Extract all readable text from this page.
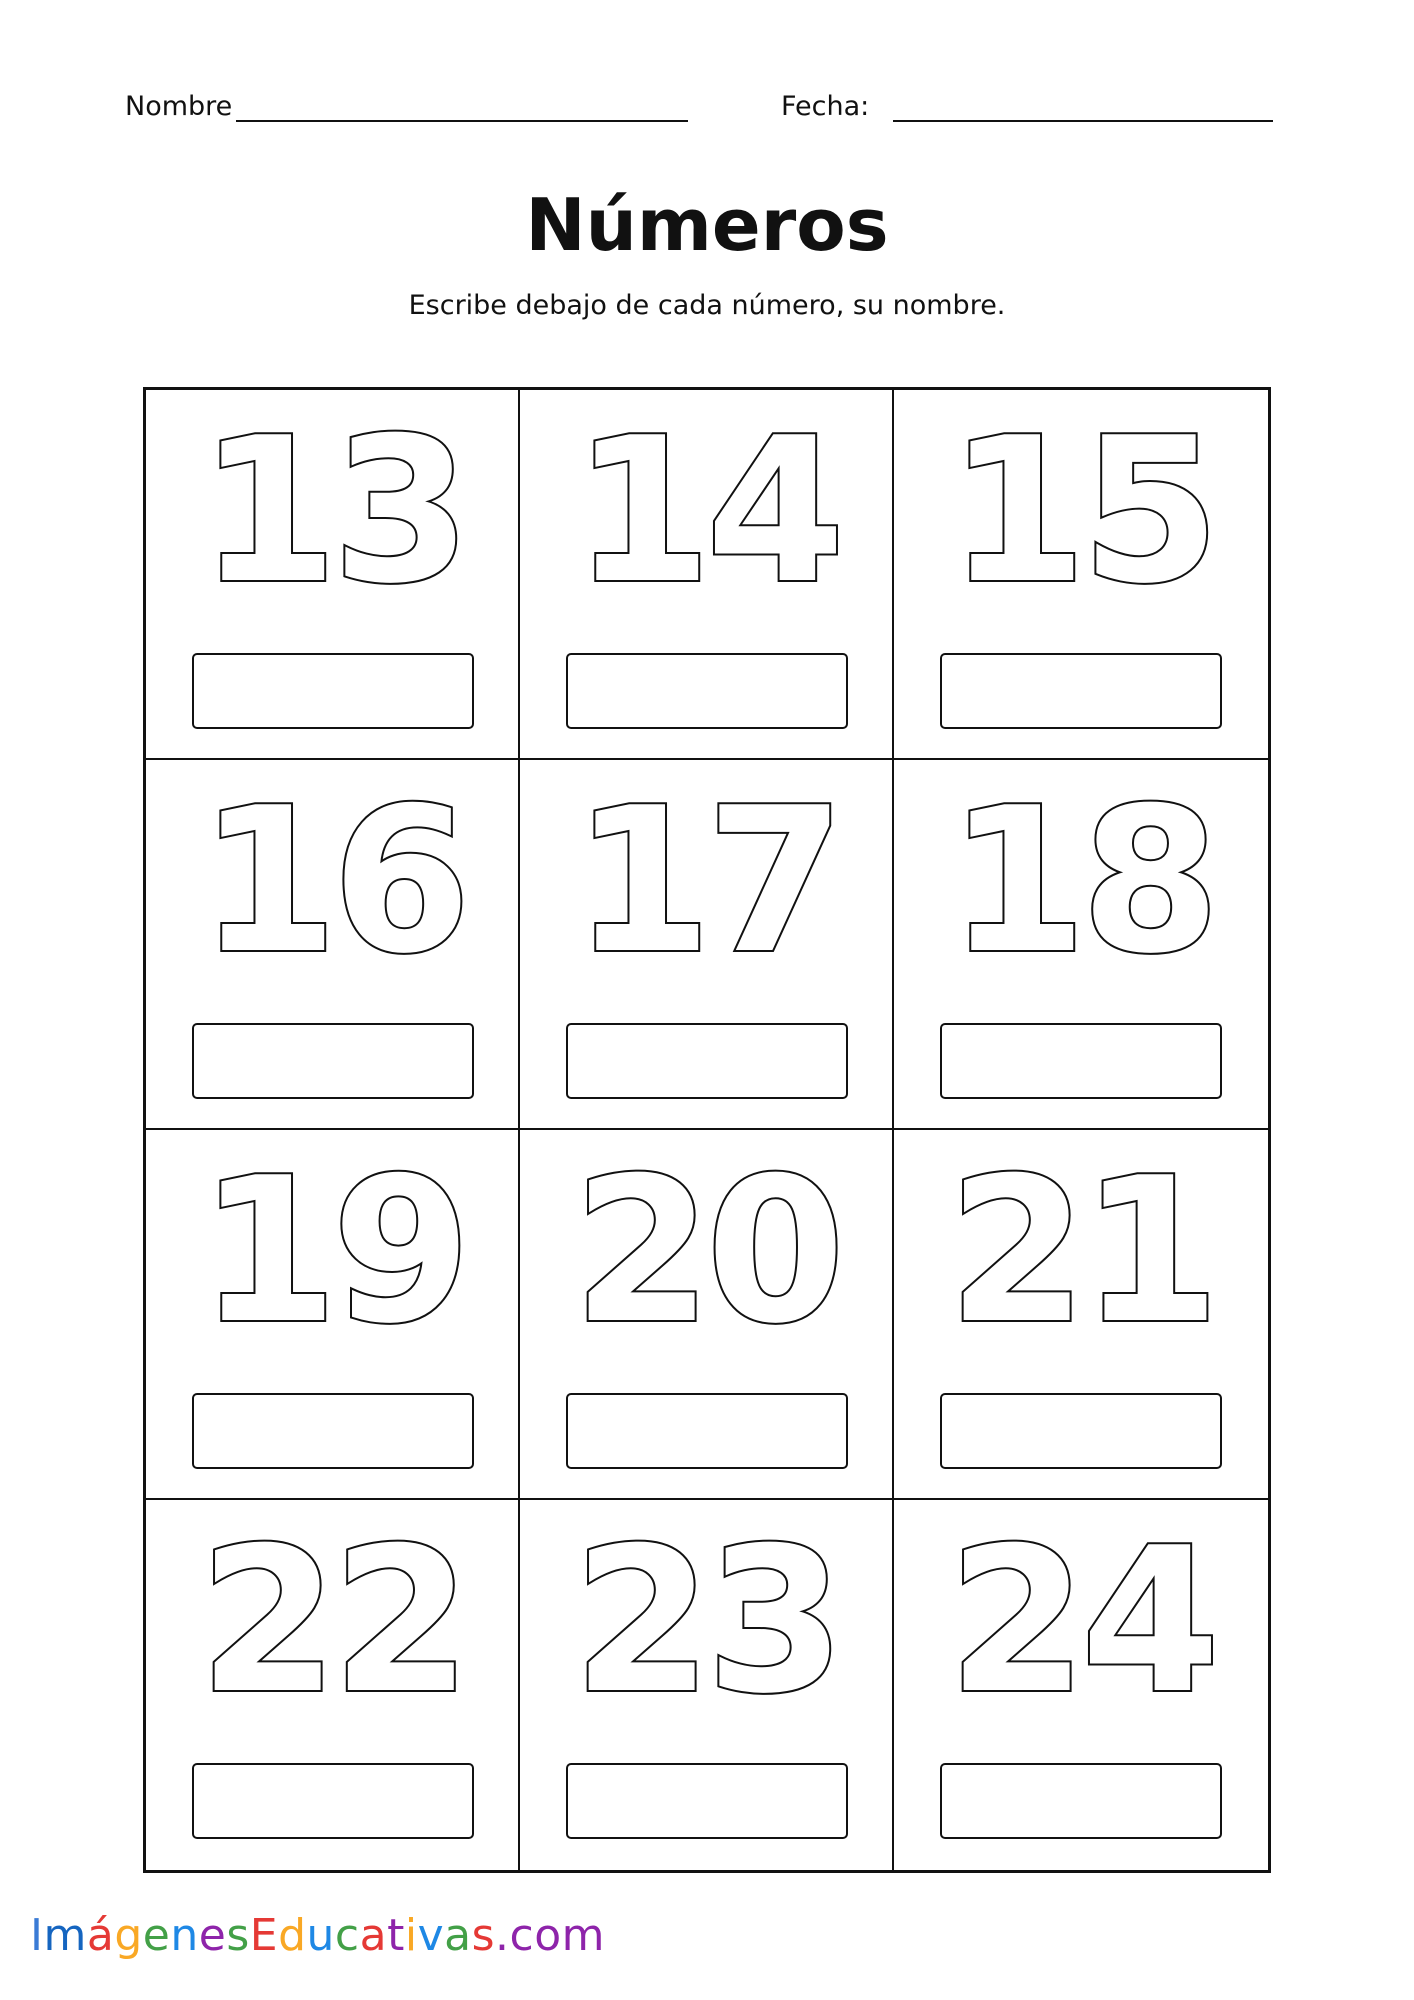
Nombre	Fecha:
Números
Escribe debajo de cada número, su nombre.
13 14 15
16 17 18
19 20 21
22 23 24
ImágenesEducativas.com
